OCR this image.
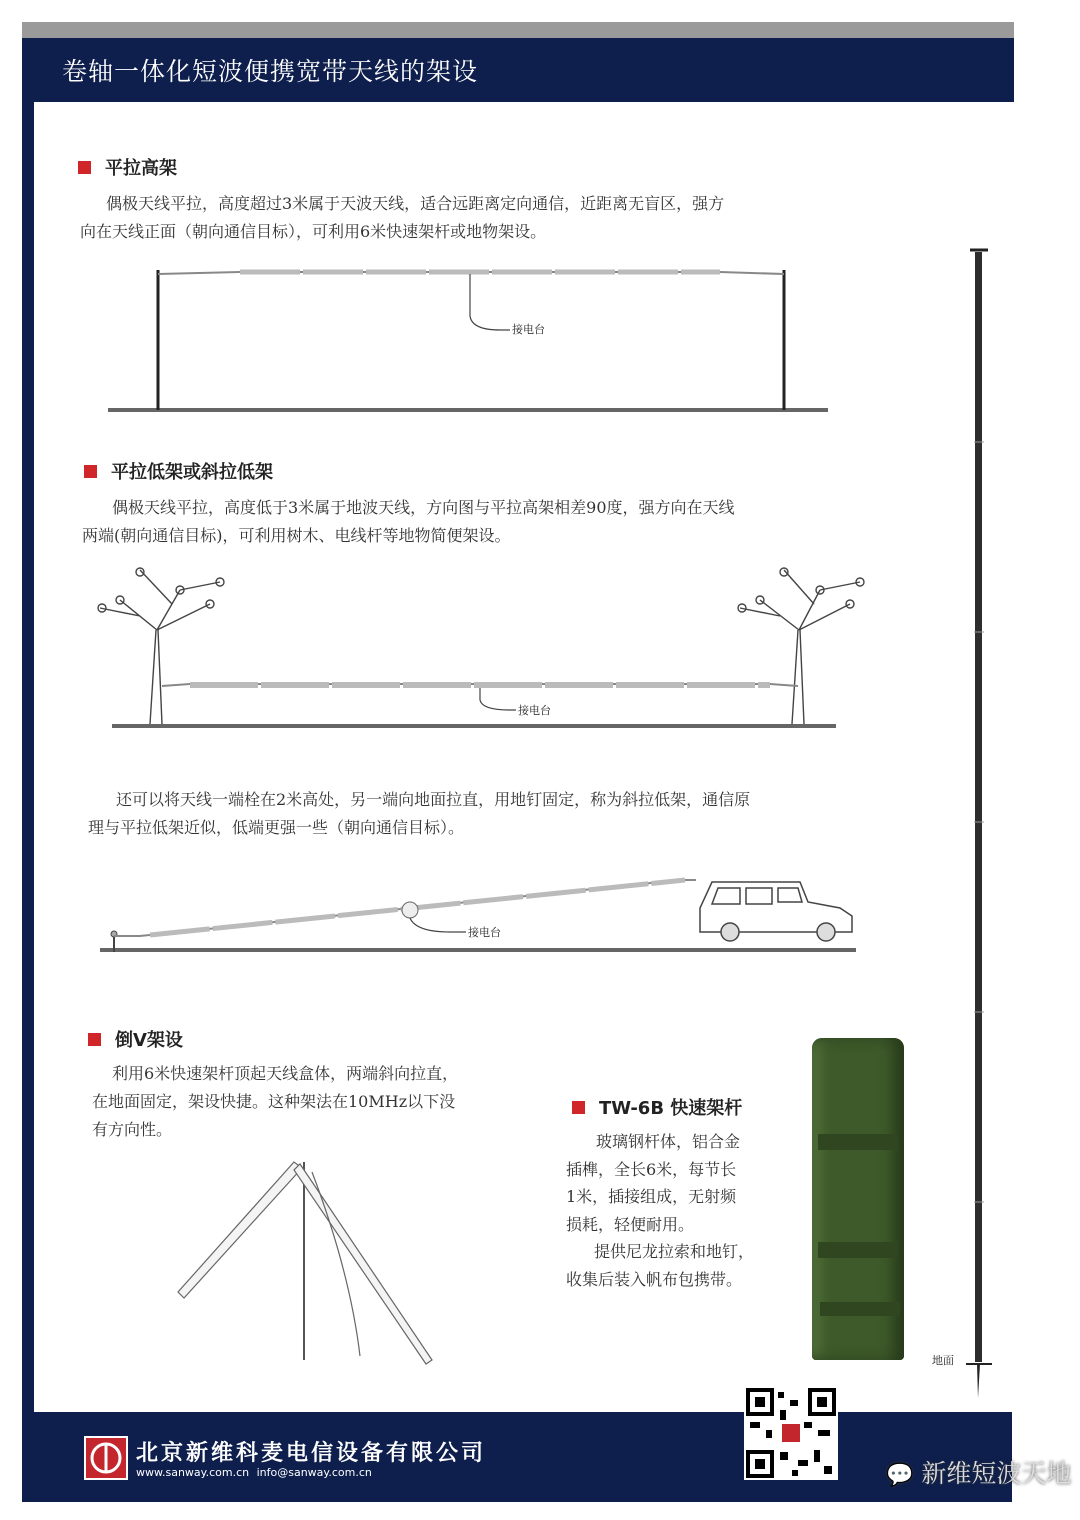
卷轴一体化短波便携宽带天线的架设
平拉高架
偶极天线平拉，高度超过3米属于天波天线，适合远距离定向通信，近距离无盲区，强方
向在天线正面（朝向通信目标），可利用6米快速架杆或地物架设。
接电台
平拉低架或斜拉低架
偶极天线平拉，高度低于3米属于地波天线，方向图与平拉高架相差90度，强方向在天线
两端(朝向通信目标)，可利用树木、电线杆等地物简便架设。
接电台
还可以将天线一端栓在2米高处，另一端向地面拉直，用地钉固定，称为斜拉低架，通信原
理与平拉低架近似，低端更强一些（朝向通信目标）。
接电台
倒V架设
利用6米快速架杆顶起天线盒体，两端斜向拉直，
在地面固定，架设快捷。这种架法在10MHz以下没
有方向性。
TW-6B 快速架杆
玻璃钢杆体，铝合金
插榫，全长6米，每节长
1米，插接组成，无射频
损耗，轻便耐用。
提供尼龙拉索和地钉，
收集后装入帆布包携带。
地面
北京新维科麦电信设备有限公司
www.sanway.com.cn info@sanway.com.cn	💬 新维短波天地
